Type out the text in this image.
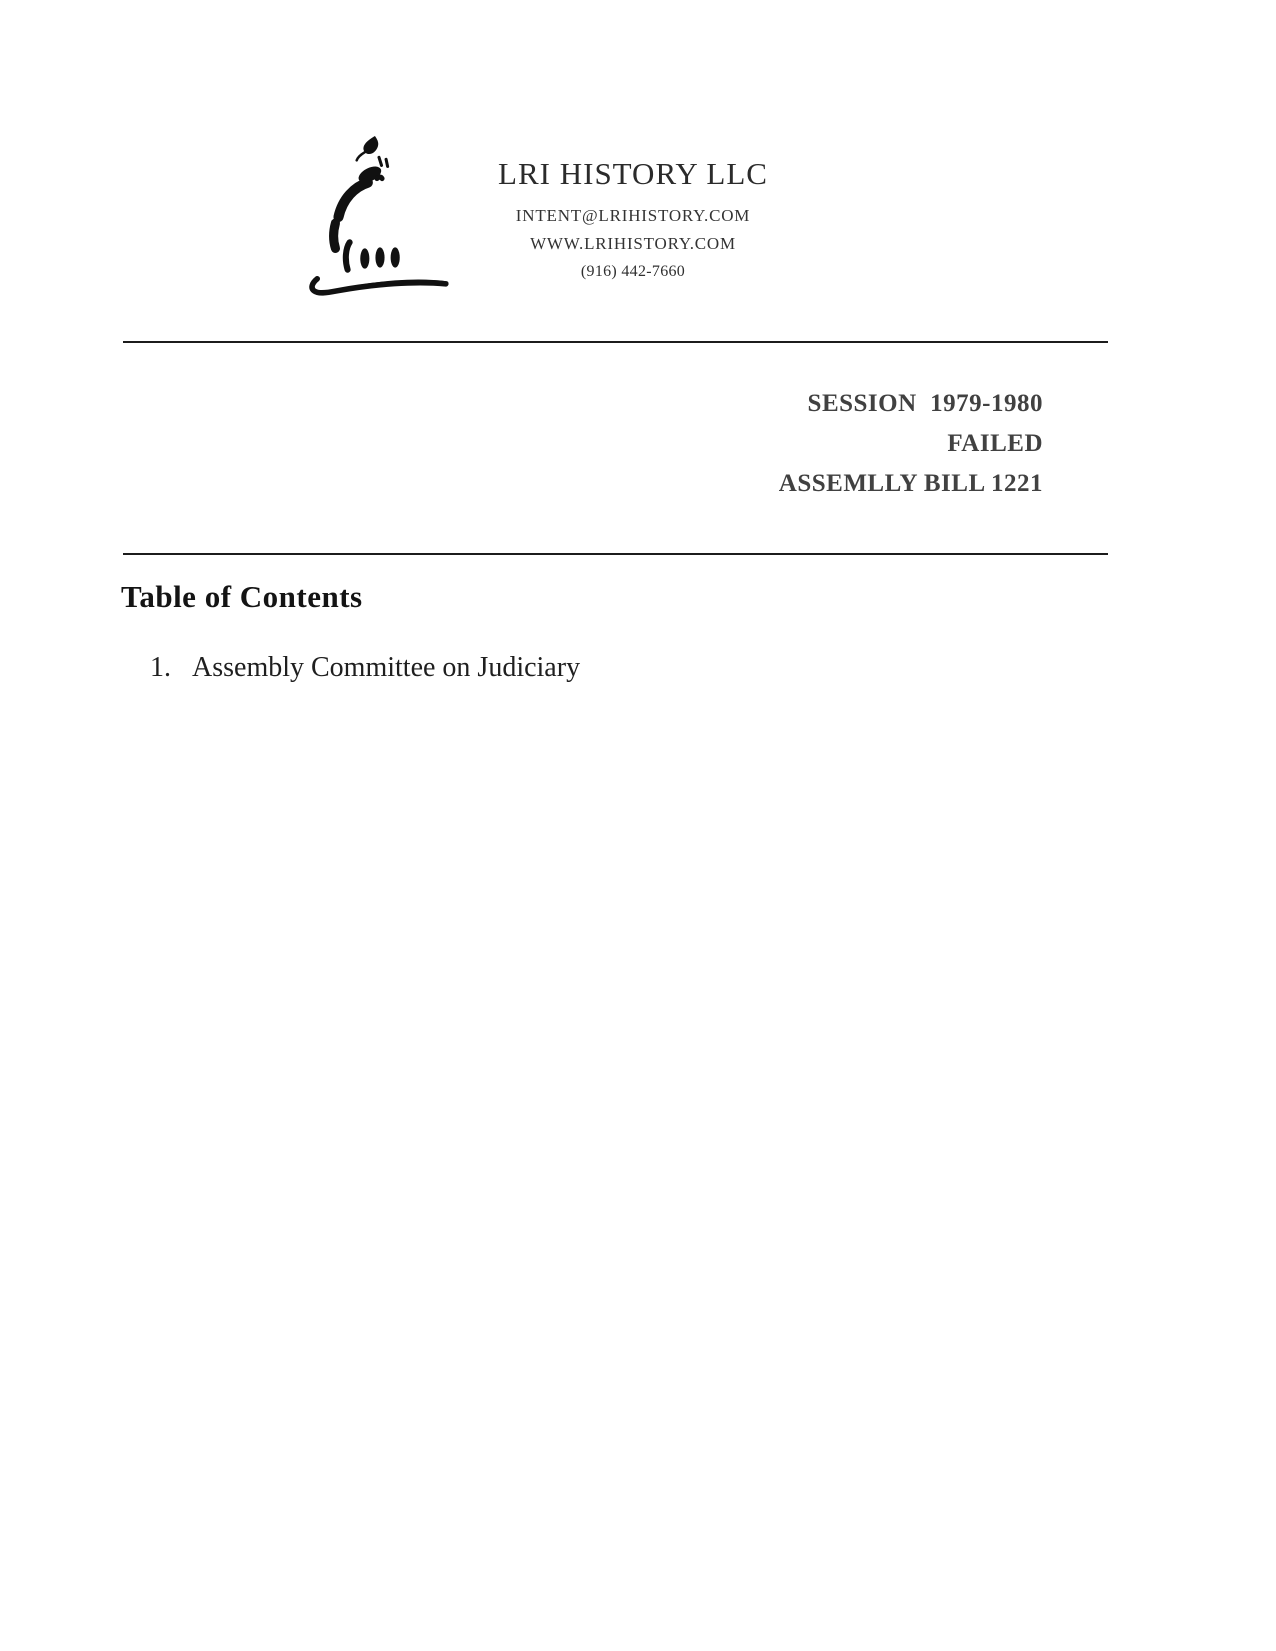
LRI HISTORY LLC
INTENT@LRIHISTORY.COM
WWW.LRIHISTORY.COM
(916) 442-7660
SESSION  1979-1980
FAILED
ASSEMLLY BILL 1221
Table of Contents
1. Assembly Committee on Judiciary
